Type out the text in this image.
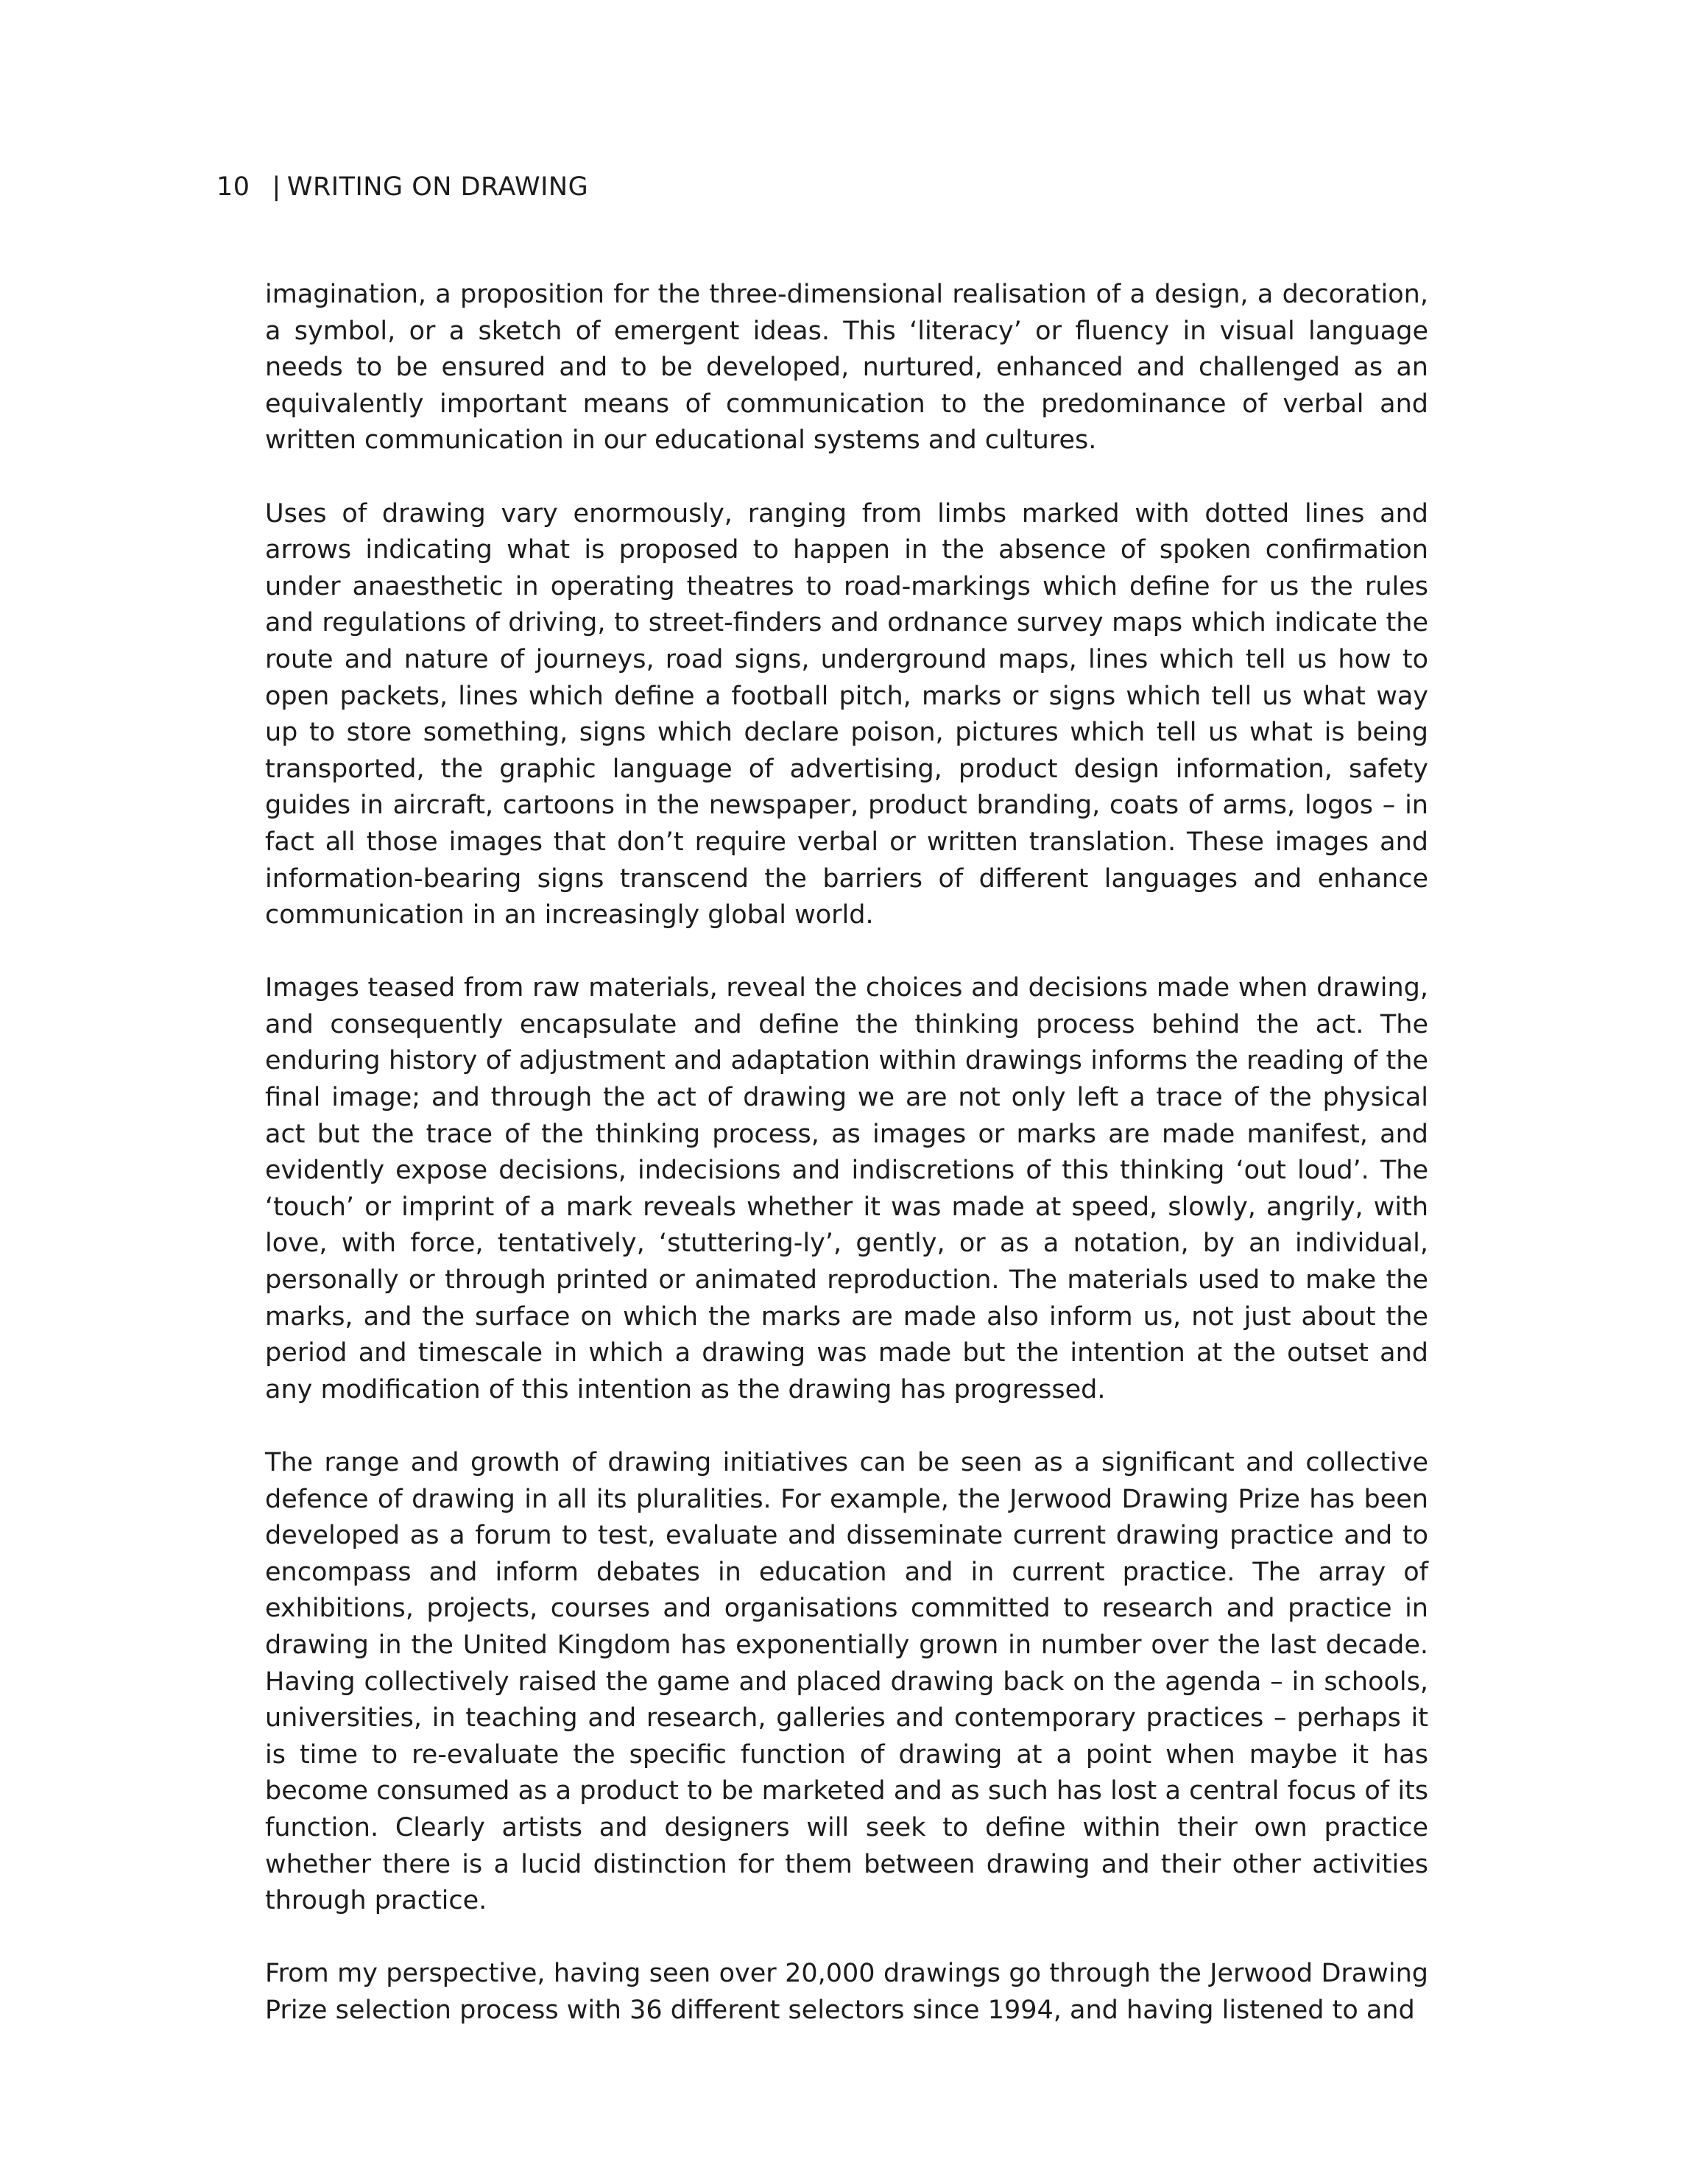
10 | WRITING ON DRAWING

imagination, a proposition for the three-dimensional realisation of a design, a decoration, a symbol, or a sketch of emergent ideas. This ‘literacy’ or fluency in visual language needs to be ensured and to be developed, nurtured, enhanced and challenged as an equivalently important means of communication to the predominance of verbal and written communication in our educational systems and cultures.

Uses of drawing vary enormously, ranging from limbs marked with dotted lines and arrows indicating what is proposed to happen in the absence of spoken confirmation under anaesthetic in operating theatres to road-markings which define for us the rules and regulations of driving, to street-finders and ordnance survey maps which indicate the route and nature of journeys, road signs, underground maps, lines which tell us how to open packets, lines which define a football pitch, marks or signs which tell us what way up to store something, signs which declare poison, pictures which tell us what is being transported, the graphic language of advertising, product design information, safety guides in aircraft, cartoons in the newspaper, product branding, coats of arms, logos – in fact all those images that don’t require verbal or written translation. These images and information-bearing signs transcend the barriers of different languages and enhance communication in an increasingly global world.

Images teased from raw materials, reveal the choices and decisions made when drawing, and consequently encapsulate and define the thinking process behind the act. The enduring history of adjustment and adaptation within drawings informs the reading of the final image; and through the act of drawing we are not only left a trace of the physical act but the trace of the thinking process, as images or marks are made manifest, and evidently expose decisions, indecisions and indiscretions of this thinking ‘out loud’. The ‘touch’ or imprint of a mark reveals whether it was made at speed, slowly, angrily, with love, with force, tentatively, ‘stuttering-ly’, gently, or as a notation, by an individual, personally or through printed or animated reproduction. The materials used to make the marks, and the surface on which the marks are made also inform us, not just about the period and timescale in which a drawing was made but the intention at the outset and any modification of this intention as the drawing has progressed.

The range and growth of drawing initiatives can be seen as a significant and collective defence of drawing in all its pluralities. For example, the Jerwood Drawing Prize has been developed as a forum to test, evaluate and disseminate current drawing practice and to encompass and inform debates in education and in current practice. The array of exhibitions, projects, courses and organisations committed to research and practice in drawing in the United Kingdom has exponentially grown in number over the last decade. Having collectively raised the game and placed drawing back on the agenda – in schools, universities, in teaching and research, galleries and contemporary practices – perhaps it is time to re-evaluate the specific function of drawing at a point when maybe it has become consumed as a product to be marketed and as such has lost a central focus of its function. Clearly artists and designers will seek to define within their own practice whether there is a lucid distinction for them between drawing and their other activities through practice.

From my perspective, having seen over 20,000 drawings go through the Jerwood Drawing Prize selection process with 36 different selectors since 1994, and having listened to and
